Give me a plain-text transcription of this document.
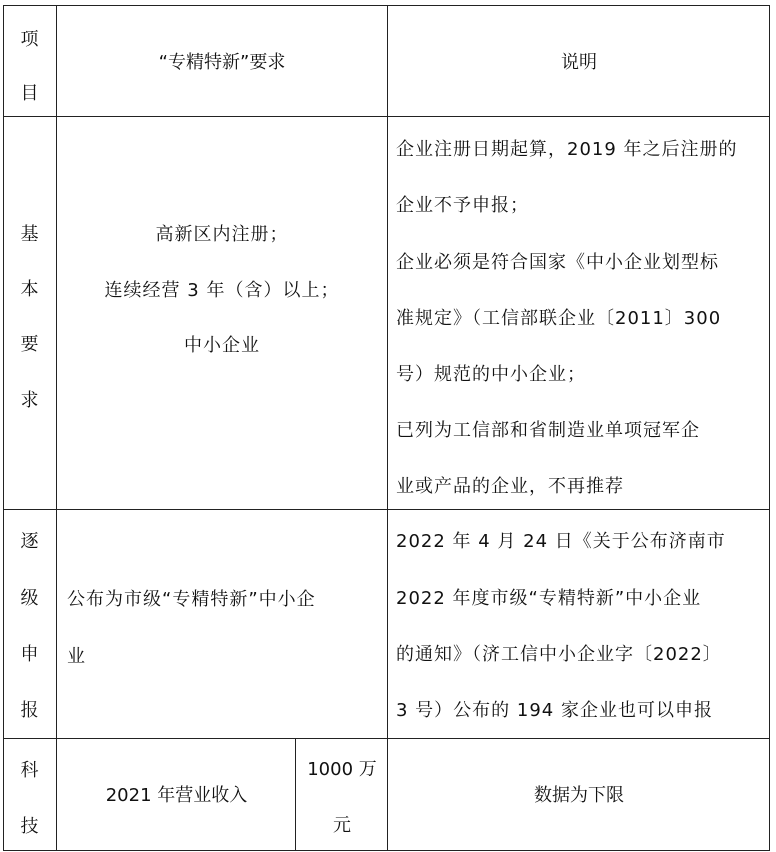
项
目
“专精特新”要求	说明
基
本
要
求
高新区内注册；
连续经营 3 年（含）以上；
中小企业
企业注册日期起算，2019 年之后注册的
企业不予申报；
企业必须是符合国家《中小企业划型标
准规定》（工信部联企业〔2011〕300
号）规范的中小企业；
已列为工信部和省制造业单项冠军企
业或产品的企业，不再推荐
逐
级
申
报
公布为市级“专精特新”中小企
业
2022 年 4 月 24 日《关于公布济南市
2022 年度市级“专精特新”中小企业
的通知》（济工信中小企业字〔2022〕
3 号）公布的 194 家企业也可以申报
科
技
2021 年营业收入
1000 万
元
数据为下限
